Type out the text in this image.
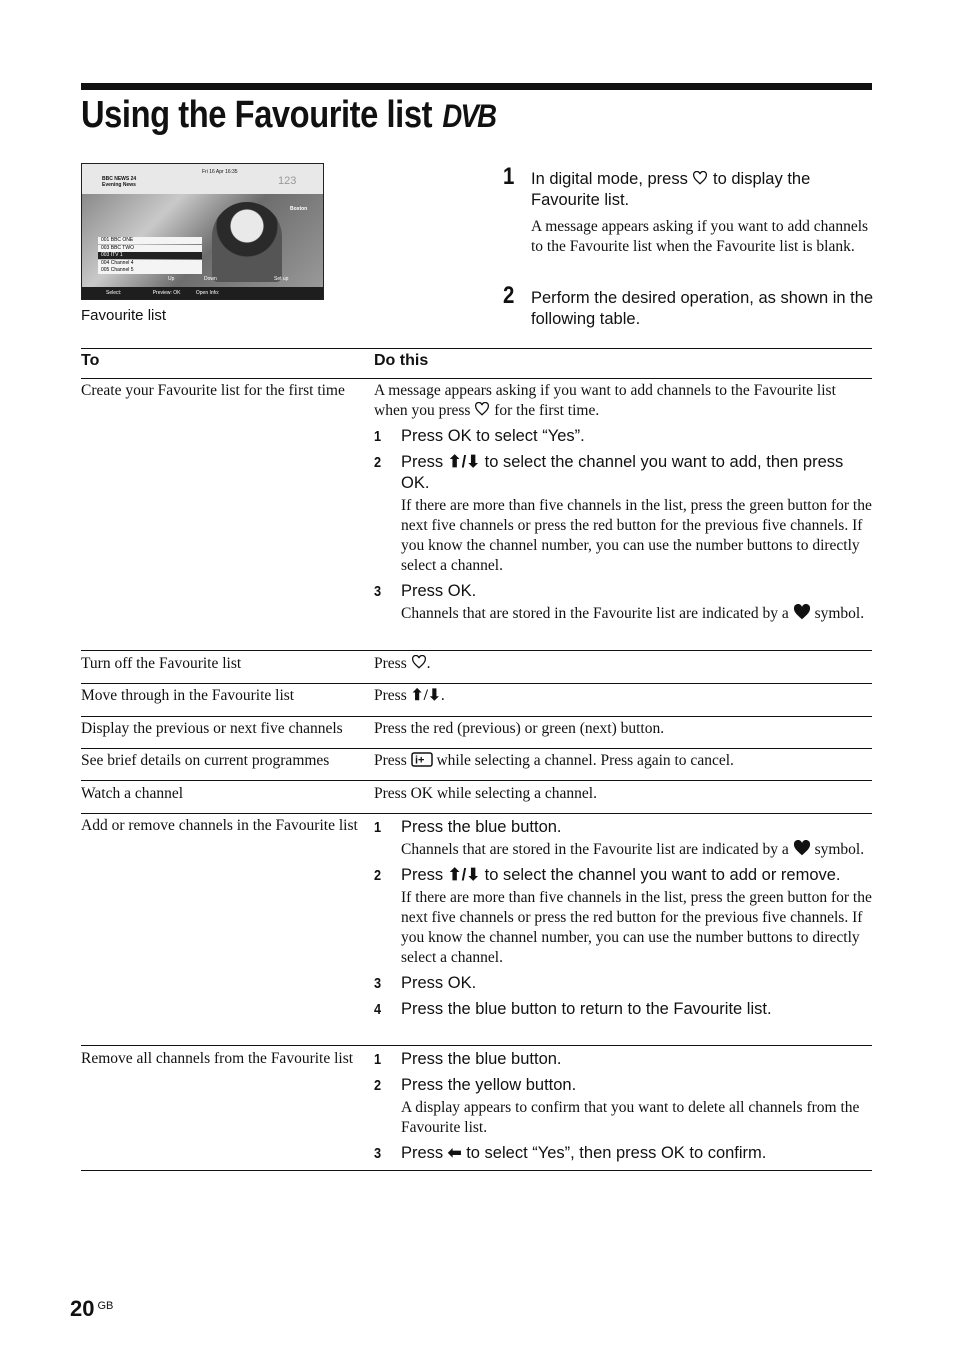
Using the Favourite list DVB
Fri 16 Apr 16:35
BBC NEWS 24
Evening News	123
Boston
001 BBC ONE
003 BBC TWO
003 ITV 1
004 Channel 4
005 Channel 5
Up	Down	Set up
Select:	Preview: OK	Open Info:
Favourite list
1 In digital mode, press to display the Favourite list.
A message appears asking if you want to add channels to the Favourite list when the Favourite list is blank.
2 Perform the desired operation, as shown in the following table.
To	Do this
Create your Favourite list for the first time	A message appears asking if you want to add channels to the Favourite list when you press for the first time.
1 Press OK to select “Yes”.
2 Press ⬆/⬇ to select the channel you want to add, then press OK.
If there are more than five channels in the list, press the green button for the next five channels or press the red button for the previous five channels. If you know the channel number, you can use the number buttons to directly select a channel.
3 Press OK.
Channels that are stored in the Favourite list are indicated by a symbol.
Turn off the Favourite list	Press .
Move through in the Favourite list	Press ⬆/⬇.
Display the previous or next five channels	Press the red (previous) or green (next) button.
See brief details on current programmes	Press i+ while selecting a channel. Press again to cancel.
Watch a channel	Press OK while selecting a channel.
Add or remove channels in the Favourite list	1 Press the blue button.
Channels that are stored in the Favourite list are indicated by a symbol.
2 Press ⬆/⬇ to select the channel you want to add or remove.
If there are more than five channels in the list, press the green button for the next five channels or press the red button for the previous five channels. If you know the channel number, you can use the number buttons to directly select a channel.
3 Press OK.
4 Press the blue button to return to the Favourite list.
Remove all channels from the Favourite list	1 Press the blue button.
2 Press the yellow button.
A display appears to confirm that you want to delete all channels from the Favourite list.
3 Press ⬅ to select “Yes”, then press OK to confirm.
20 $^{GB}$
